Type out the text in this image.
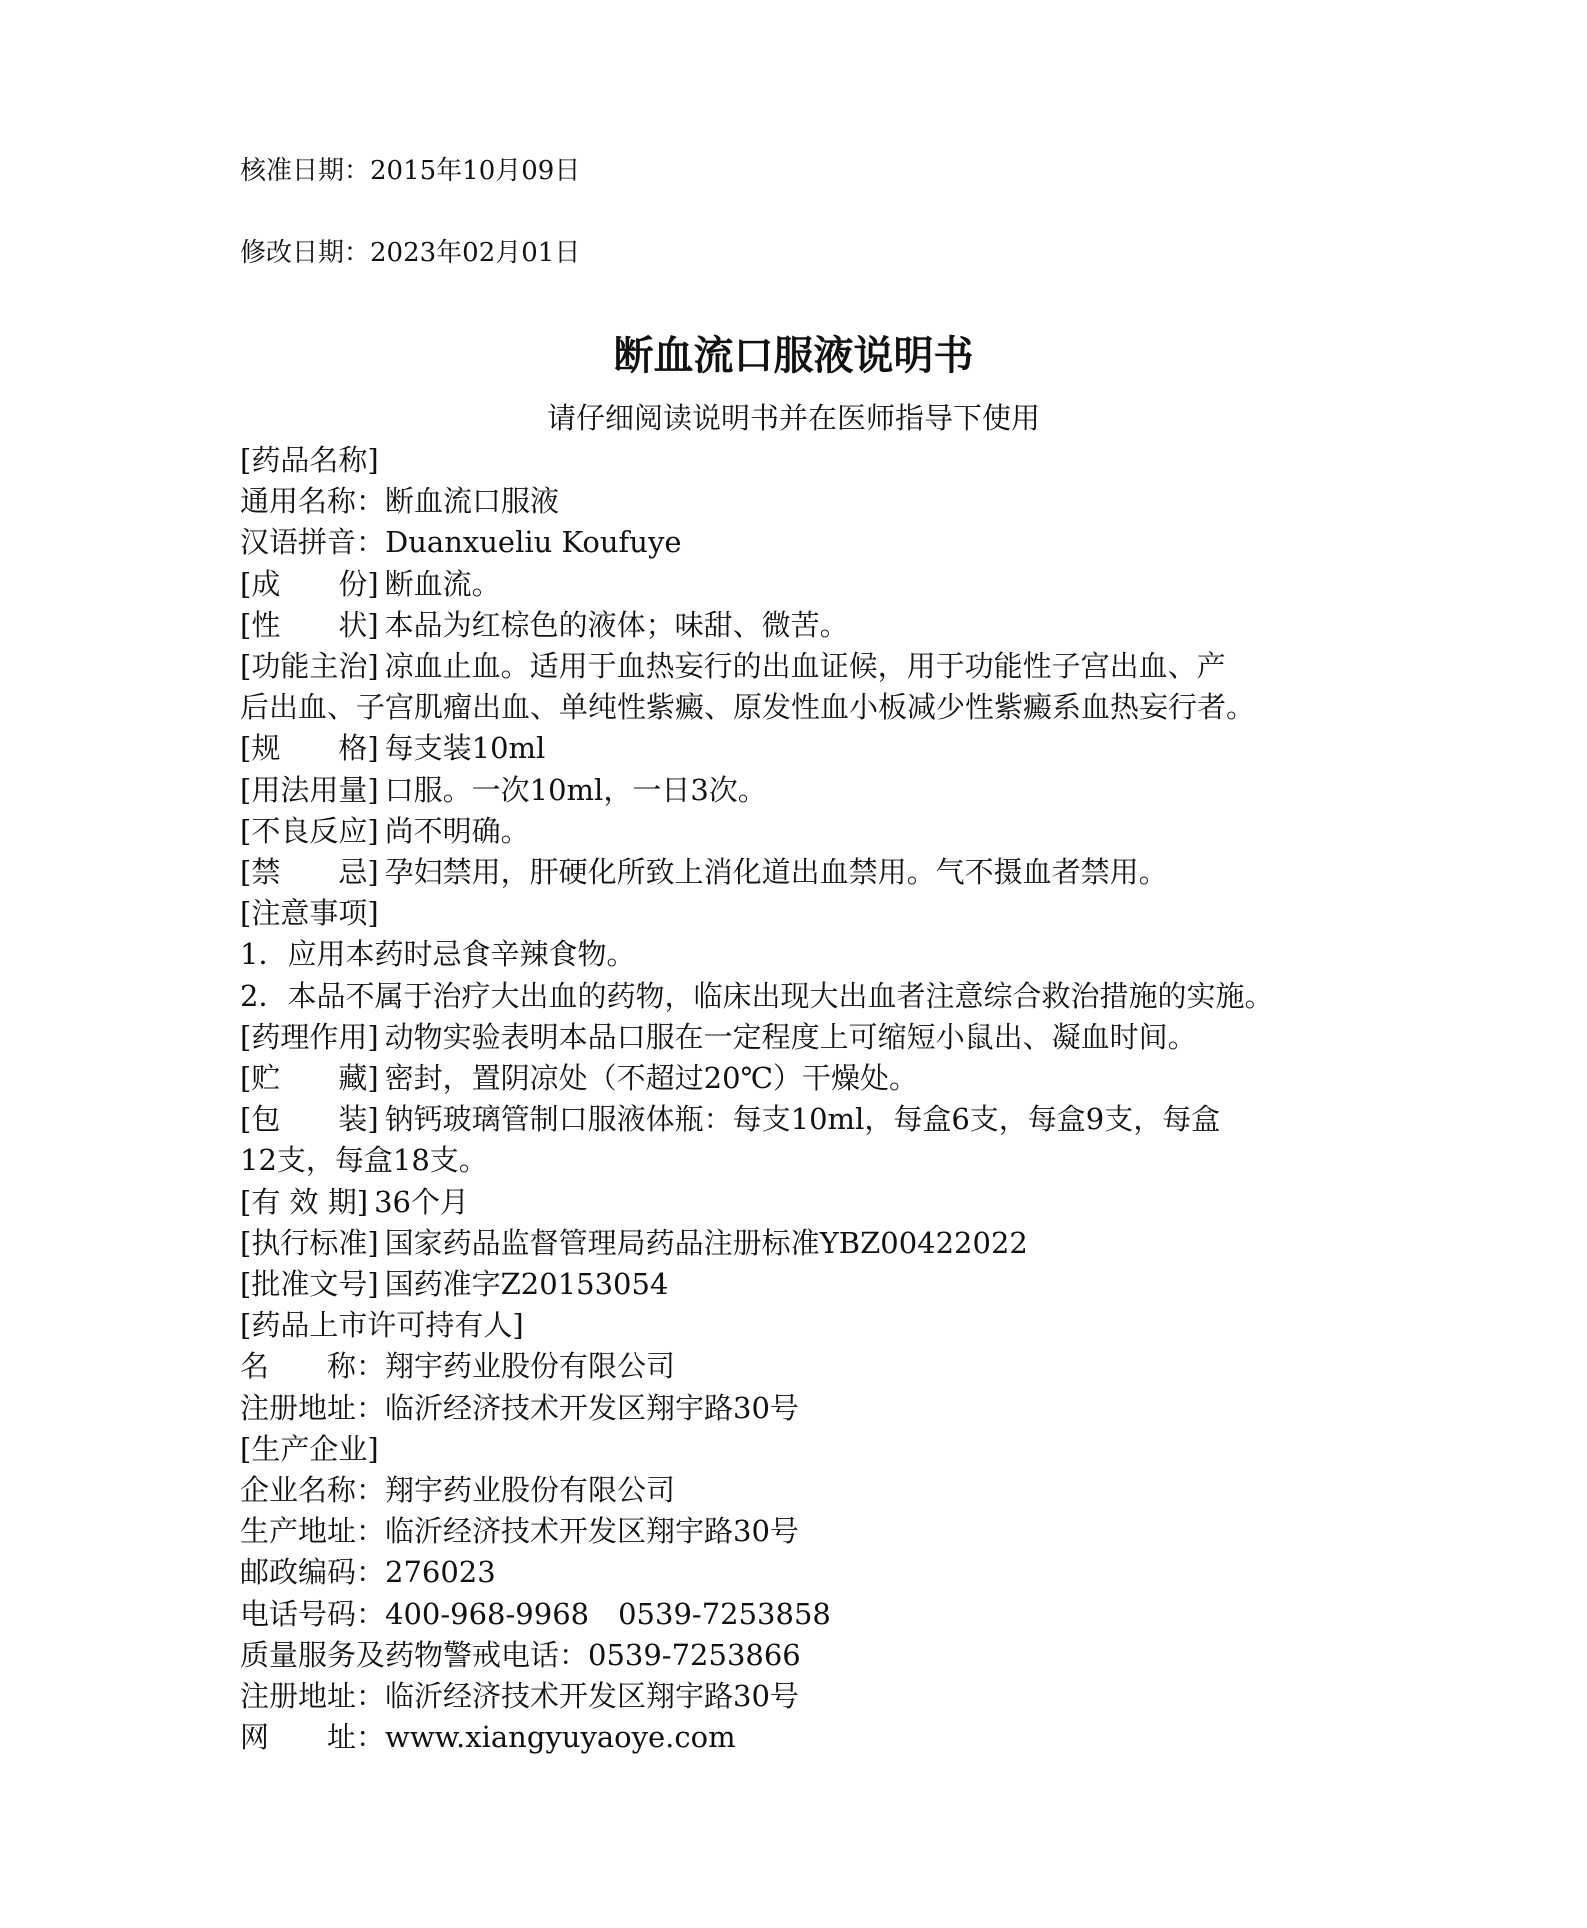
核准日期：2015年10月09日
修改日期：2023年02月01日
断血流口服液说明书
请仔细阅读说明书并在医师指导下使用
[药品名称]
通用名称：断血流口服液
汉语拼音：Duanxueliu Koufuye
[成　　份] 断血流。
[性　　状] 本品为红棕色的液体；味甜、微苦。
[功能主治] 凉血止血。适用于血热妄行的出血证候，用于功能性子宫出血、产
后出血、子宫肌瘤出血、单纯性紫癜、原发性血小板减少性紫癜系血热妄行者。
[规　　格] 每支装10ml
[用法用量] 口服。一次10ml，一日3次。
[不良反应] 尚不明确。
[禁　　忌] 孕妇禁用，肝硬化所致上消化道出血禁用。气不摄血者禁用。
[注意事项]
1．应用本药时忌食辛辣食物。
2．本品不属于治疗大出血的药物，临床出现大出血者注意综合救治措施的实施。
[药理作用] 动物实验表明本品口服在一定程度上可缩短小鼠出、凝血时间。
[贮　　藏] 密封，置阴凉处（不超过20℃）干燥处。
[包　　装] 钠钙玻璃管制口服液体瓶：每支10ml，每盒6支，每盒9支，每盒
12支，每盒18支。
[有 效 期] 36个月
[执行标准] 国家药品监督管理局药品注册标准YBZ00422022
[批准文号] 国药准字Z20153054
[药品上市许可持有人]
名　　称：翔宇药业股份有限公司
注册地址：临沂经济技术开发区翔宇路30号
[生产企业]
企业名称：翔宇药业股份有限公司
生产地址：临沂经济技术开发区翔宇路30号
邮政编码：276023
电话号码：400-968-9968　0539-7253858
质量服务及药物警戒电话：0539-7253866
注册地址：临沂经济技术开发区翔宇路30号
网　　址：www.xiangyuyaoye.com
